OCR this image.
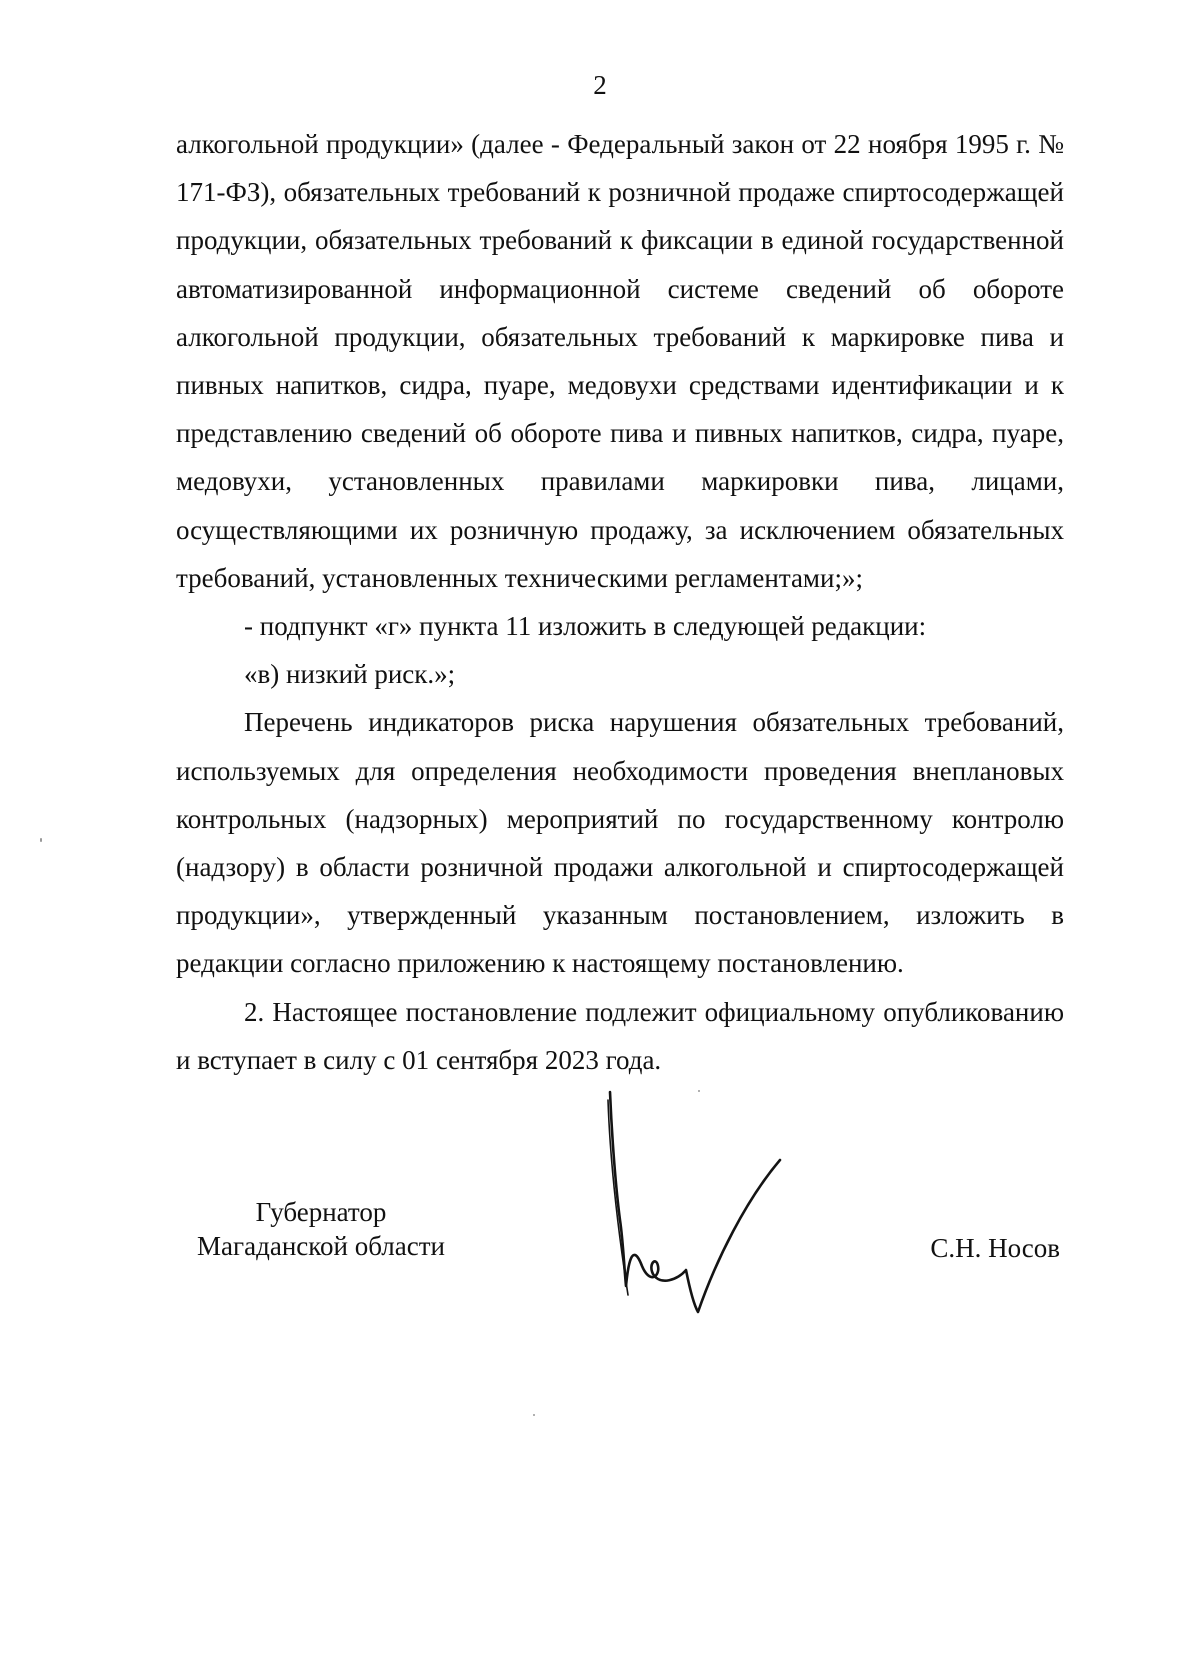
2

алкогольной продукции» (далее - Федеральный закон от 22 ноября 1995 г. № 171-ФЗ), обязательных требований к розничной продаже спиртосодержащей продукции, обязательных требований к фиксации в единой государственной автоматизированной информационной системе сведений об обороте алкогольной продукции, обязательных требований к маркировке пива и пивных напитков, сидра, пуаре, медовухи средствами идентификации и к представлению сведений об обороте пива и пивных напитков, сидра, пуаре, медовухи, установленных правилами маркировки пива, лицами, осуществляющими их розничную продажу, за исключением обязательных требований, установленных техническими регламентами;»;

- подпункт «г» пункта 11 изложить в следующей редакции:

«в) низкий риск.»;

Перечень индикаторов риска нарушения обязательных требований, используемых для определения необходимости проведения внеплановых контрольных (надзорных) мероприятий по государственному контролю (надзору) в области розничной продажи алкогольной и спиртосодержащей продукции», утвержденный указанным постановлением, изложить в редакции согласно приложению к настоящему постановлению.

2. Настоящее постановление подлежит официальному опубликованию и вступает в силу с 01 сентября 2023 года.

Губернатор
Магаданской области	С.Н. Носов
